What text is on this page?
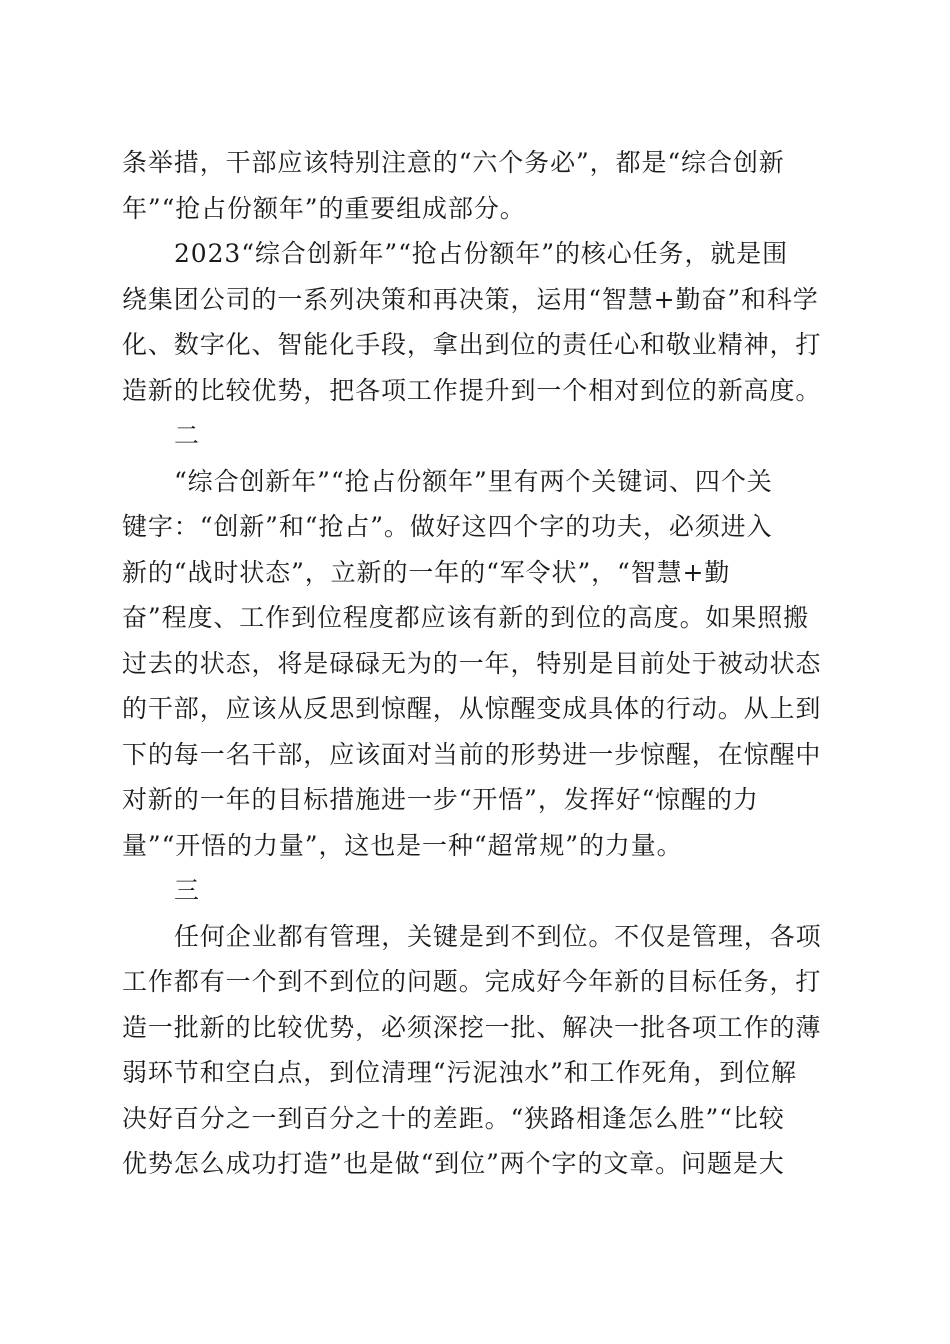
条举措，干部应该特别注意的“六个务必”，都是“综合创新
年”“抢占份额年”的重要组成部分。
2023“综合创新年”“抢占份额年”的核心任务，就是围
绕集团公司的一系列决策和再决策，运用“智慧+勤奋”和科学
化、数字化、智能化手段，拿出到位的责任心和敬业精神，打
造新的比较优势，把各项工作提升到一个相对到位的新高度。
二
“综合创新年”“抢占份额年”里有两个关键词、四个关
键字：“创新”和“抢占”。做好这四个字的功夫，必须进入
新的“战时状态”，立新的一年的“军令状”，“智慧+勤
奋”程度、工作到位程度都应该有新的到位的高度。如果照搬
过去的状态，将是碌碌无为的一年，特别是目前处于被动状态
的干部，应该从反思到惊醒，从惊醒变成具体的行动。从上到
下的每一名干部，应该面对当前的形势进一步惊醒，在惊醒中
对新的一年的目标措施进一步“开悟”，发挥好“惊醒的力
量”“开悟的力量”，这也是一种“超常规”的力量。
三
任何企业都有管理，关键是到不到位。不仅是管理，各项
工作都有一个到不到位的问题。完成好今年新的目标任务，打
造一批新的比较优势，必须深挖一批、解决一批各项工作的薄
弱环节和空白点，到位清理“污泥浊水”和工作死角，到位解
决好百分之一到百分之十的差距。“狭路相逢怎么胜”“比较
优势怎么成功打造”也是做“到位”两个字的文章。问题是大
